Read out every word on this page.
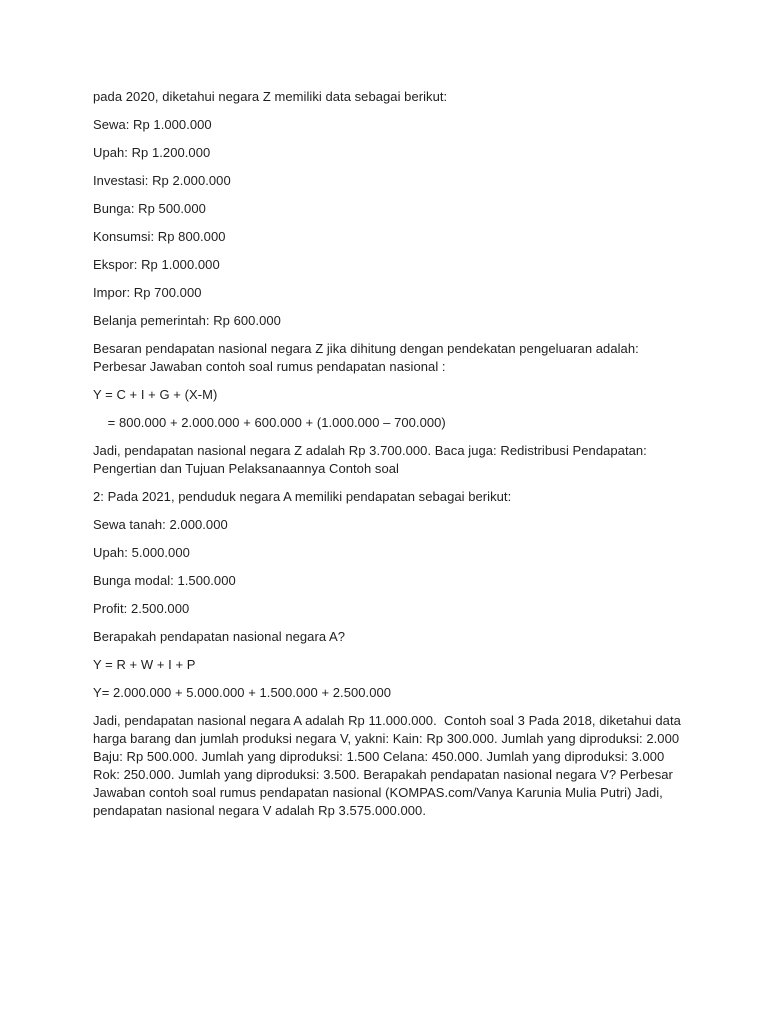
pada 2020, diketahui negara Z memiliki data sebagai berikut:

Sewa: Rp 1.000.000

Upah: Rp 1.200.000

Investasi: Rp 2.000.000

Bunga: Rp 500.000

Konsumsi: Rp 800.000

Ekspor: Rp 1.000.000

Impor: Rp 700.000

Belanja pemerintah: Rp 600.000

Besaran pendapatan nasional negara Z jika dihitung dengan pendekatan pengeluaran adalah: Perbesar Jawaban contoh soal rumus pendapatan nasional :

Y = C + I + G + (X-M)

= 800.000 + 2.000.000 + 600.000 + (1.000.000 – 700.000)

Jadi, pendapatan nasional negara Z adalah Rp 3.700.000. Baca juga: Redistribusi Pendapatan: Pengertian dan Tujuan Pelaksanaannya Contoh soal

2: Pada 2021, penduduk negara A memiliki pendapatan sebagai berikut:

Sewa tanah: 2.000.000

Upah: 5.000.000

Bunga modal: 1.500.000

Profit: 2.500.000

Berapakah pendapatan nasional negara A?

Y = R + W + I + P

Y= 2.000.000 + 5.000.000 + 1.500.000 + 2.500.000

Jadi, pendapatan nasional negara A adalah Rp 11.000.000.  Contoh soal 3 Pada 2018, diketahui data harga barang dan jumlah produksi negara V, yakni: Kain: Rp 300.000. Jumlah yang diproduksi: 2.000 Baju: Rp 500.000. Jumlah yang diproduksi: 1.500 Celana: 450.000. Jumlah yang diproduksi: 3.000 Rok: 250.000. Jumlah yang diproduksi: 3.500. Berapakah pendapatan nasional negara V? Perbesar Jawaban contoh soal rumus pendapatan nasional (KOMPAS.com/Vanya Karunia Mulia Putri) Jadi, pendapatan nasional negara V adalah Rp 3.575.000.000.
